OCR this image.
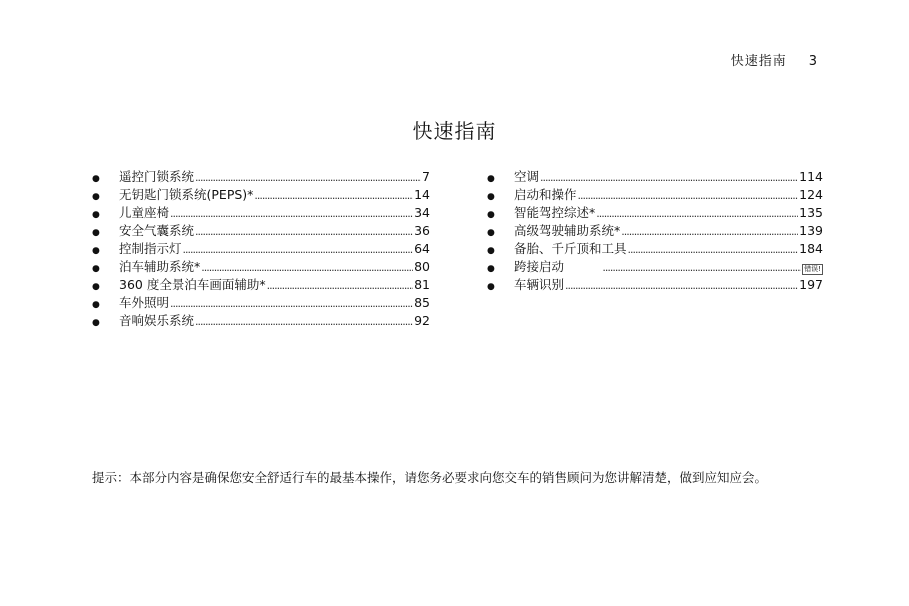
快速指南 3
快速指南
●	遥控门锁系统 .....	7
●	无钥匙门锁系统(PEPS)* .....	14
●	儿童座椅 .....	34
●	安全气囊系统 .....	36
●	控制指示灯 .....	64
●	泊车辅助系统* .....	80
●	360 度全景泊车画面辅助* .....	81
●	车外照明 .....	85
●	音响娱乐系统 .....	92
●	空调 .....	114
●	启动和操作 .....	124
●	智能驾控综述* .....	135
●	高级驾驶辅助系统* .....	139
●	备胎、千斤顶和工具 .....	184
●	跨接启动 .....	错误!
●	车辆识别 .....	197
提示：本部分内容是确保您安全舒适行车的最基本操作，请您务必要求向您交车的销售顾问为您讲解清楚，做到应知应会。
